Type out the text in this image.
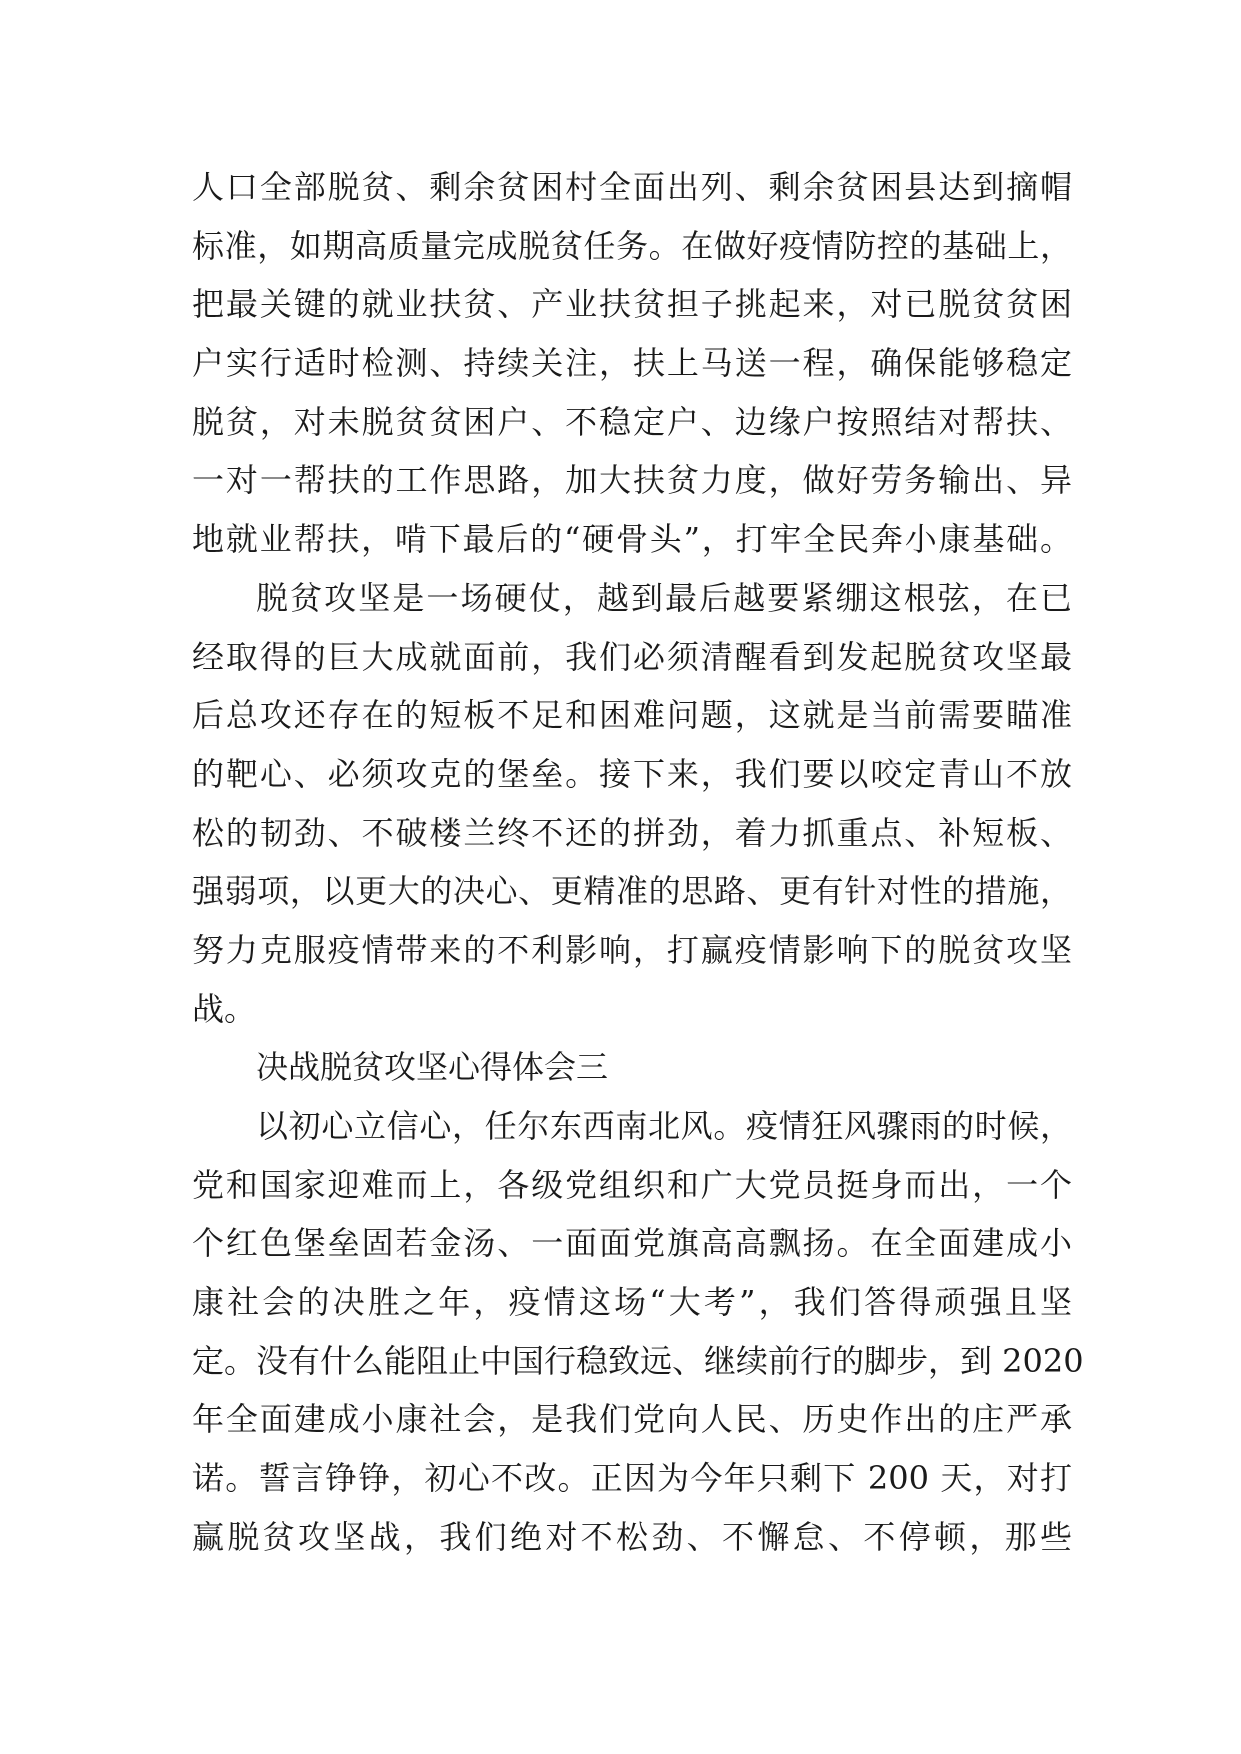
人口全部脱贫、剩余贫困村全面出列、剩余贫困县达到摘帽
标准，如期高质量完成脱贫任务。在做好疫情防控的基础上，
把最关键的就业扶贫、产业扶贫担子挑起来，对已脱贫贫困
户实行适时检测、持续关注，扶上马送一程，确保能够稳定
脱贫，对未脱贫贫困户、不稳定户、边缘户按照结对帮扶、
一对一帮扶的工作思路，加大扶贫力度，做好劳务输出、异
地就业帮扶，啃下最后的“硬骨头”，打牢全民奔小康基础。
脱贫攻坚是一场硬仗，越到最后越要紧绷这根弦，在已
经取得的巨大成就面前，我们必须清醒看到发起脱贫攻坚最
后总攻还存在的短板不足和困难问题，这就是当前需要瞄准
的靶心、必须攻克的堡垒。接下来，我们要以咬定青山不放
松的韧劲、不破楼兰终不还的拼劲，着力抓重点、补短板、
强弱项，以更大的决心、更精准的思路、更有针对性的措施，
努力克服疫情带来的不利影响，打赢疫情影响下的脱贫攻坚
战。
决战脱贫攻坚心得体会三
以初心立信心，任尔东西南北风。疫情狂风骤雨的时候，
党和国家迎难而上，各级党组织和广大党员挺身而出，一个
个红色堡垒固若金汤、一面面党旗高高飘扬。在全面建成小
康社会的决胜之年，疫情这场“大考”，我们答得顽强且坚
定。没有什么能阻止中国行稳致远、继续前行的脚步，到 2020
年全面建成小康社会，是我们党向人民、历史作出的庄严承
诺。誓言铮铮，初心不改。正因为今年只剩下 200 天，对打
赢脱贫攻坚战，我们绝对不松劲、不懈怠、不停顿，那些
